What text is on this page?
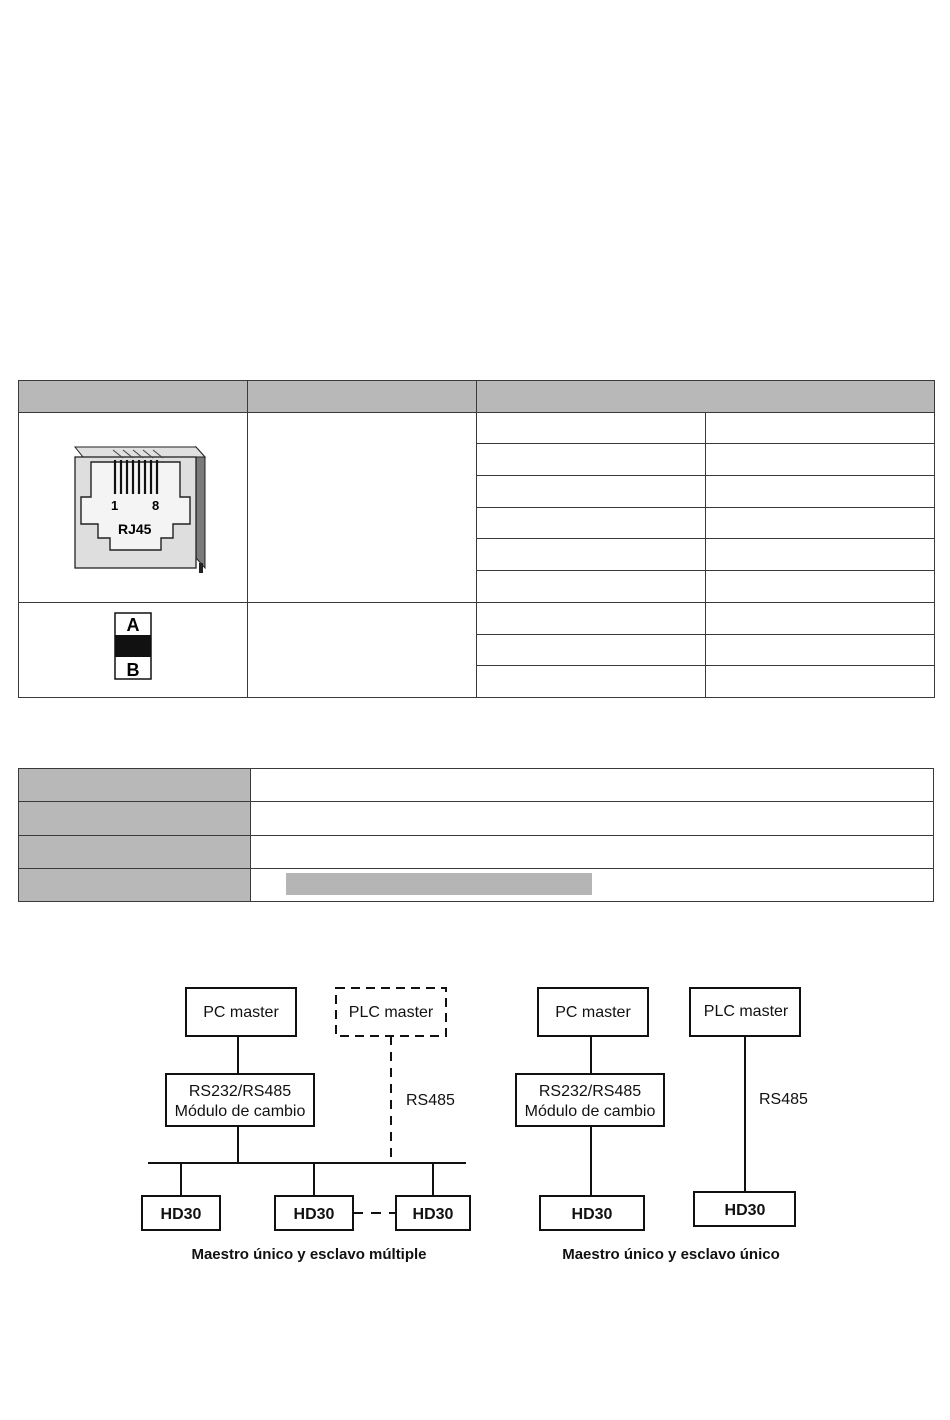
1 8
RJ45			

A
B			

PC master	PLC master
RS232/RS485
Módulo de cambio
RS485
PC master	PLC master
RS232/RS485
Módulo de cambio
RS485
HD30	HD30	HD30	HD30	HD30
Maestro único y esclavo múltiple	Maestro único y esclavo único
